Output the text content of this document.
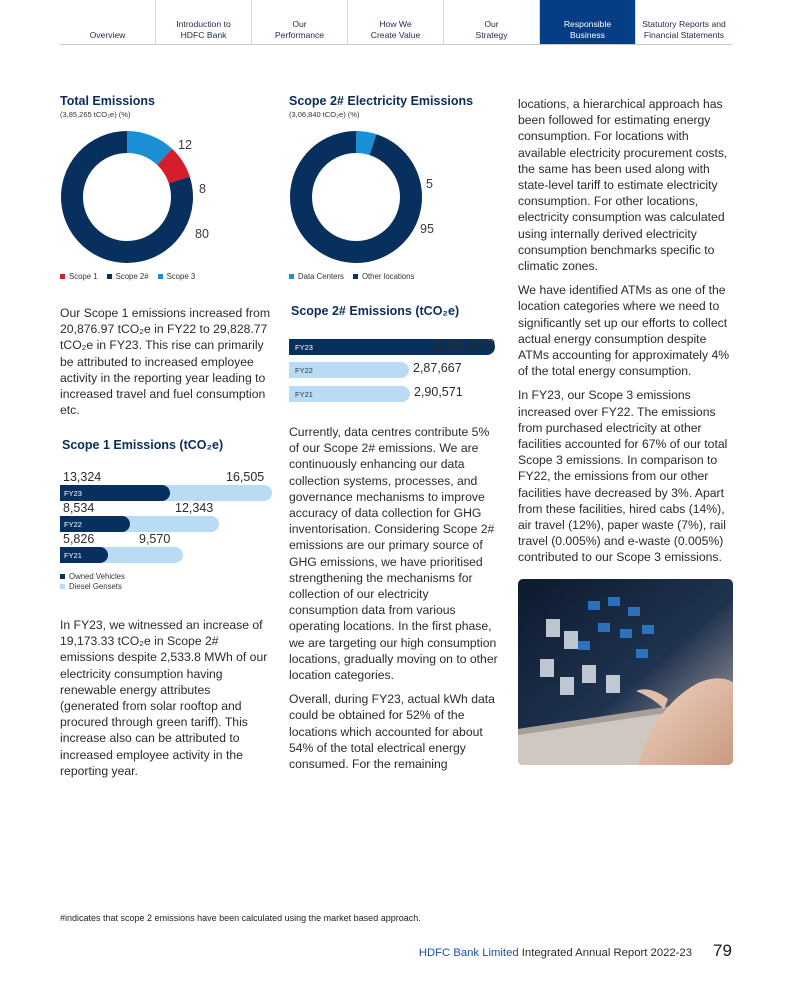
Overview
Introduction to
HDFC Bank
Our
Performance
How We
Create Value
Our
Strategy
Responsible
Business
Statutory Reports and
Financial Statements
Total Emissions
(3,85,265 tCO₂e) (%)
12
8
80
Scope 1 Scope 2# Scope 3
Scope 2# Electricity Emissions
(3,06,840 tCO₂e) (%)
5
95
Data Centers Other locations
Our Scope 1 emissions increased from 20,876.97 tCO₂e in FY22 to 29,828.77 tCO₂e in FY23. This rise can primarily be attributed to increased employee activity in the reporting year leading to increased travel and fuel consumption etc.
Scope 1 Emissions (tCO₂e)
FY23
13,324	16,505
FY22
8,534	12,343
FY21
5,826	9,570
Owned Vehicles
Diesel Gensets
In FY23, we witnessed an increase of 19,173.33 tCO₂e in Scope 2# emissions despite 2,533.8 MWh of our electricity consumption having renewable energy attributes (generated from solar rooftop and procured through green tariff). This increase also can be attributed to increased employee activity in the reporting year.
Scope 2# Emissions (tCO₂e)
FY23	3,06,840
FY22	2,87,667
FY21	2,90,571

Currently, data centres contribute 5% of our Scope 2# emissions. We are continuously enhancing our data collection systems, processes, and governance mechanisms to improve accuracy of data collection for GHG inventorisation. Considering Scope 2# emissions are our primary source of GHG emissions, we have prioritised strengthening the mechanisms for collection of our electricity consumption data from various operating locations. In the first phase, we are targeting our high consumption locations, gradually moving on to other location categories.

Overall, during FY23, actual kWh data could be obtained for 52% of the locations which accounted for about 54% of the total electrical energy consumed. For the remaining

locations, a hierarchical approach has been followed for estimating energy consumption. For locations with available electricity procurement costs, the same has been used along with state-level tariff to estimate electricity consumption. For other locations, electricity consumption was calculated using internally derived electricity consumption benchmarks specific to climatic zones.

We have identified ATMs as one of the location categories where we need to significantly set up our efforts to collect actual energy consumption despite ATMs accounting for approximately 4% of the total energy consumption.

In FY23, our Scope 3 emissions increased over FY22. The emissions from purchased electricity at other facilities accounted for 67% of our total Scope 3 emissions. In comparison to FY22, the emissions from our other facilities have decreased by 3%. Apart from these facilities, hired cabs (14%), air travel (12%), paper waste (7%), rail travel (0.005%) and e-waste (0.005%) contributed to our Scope 3 emissions.

#indicates that scope 2 emissions have been calculated using the market based approach.
HDFC Bank Limited Integrated Annual Report 2022-23 79
